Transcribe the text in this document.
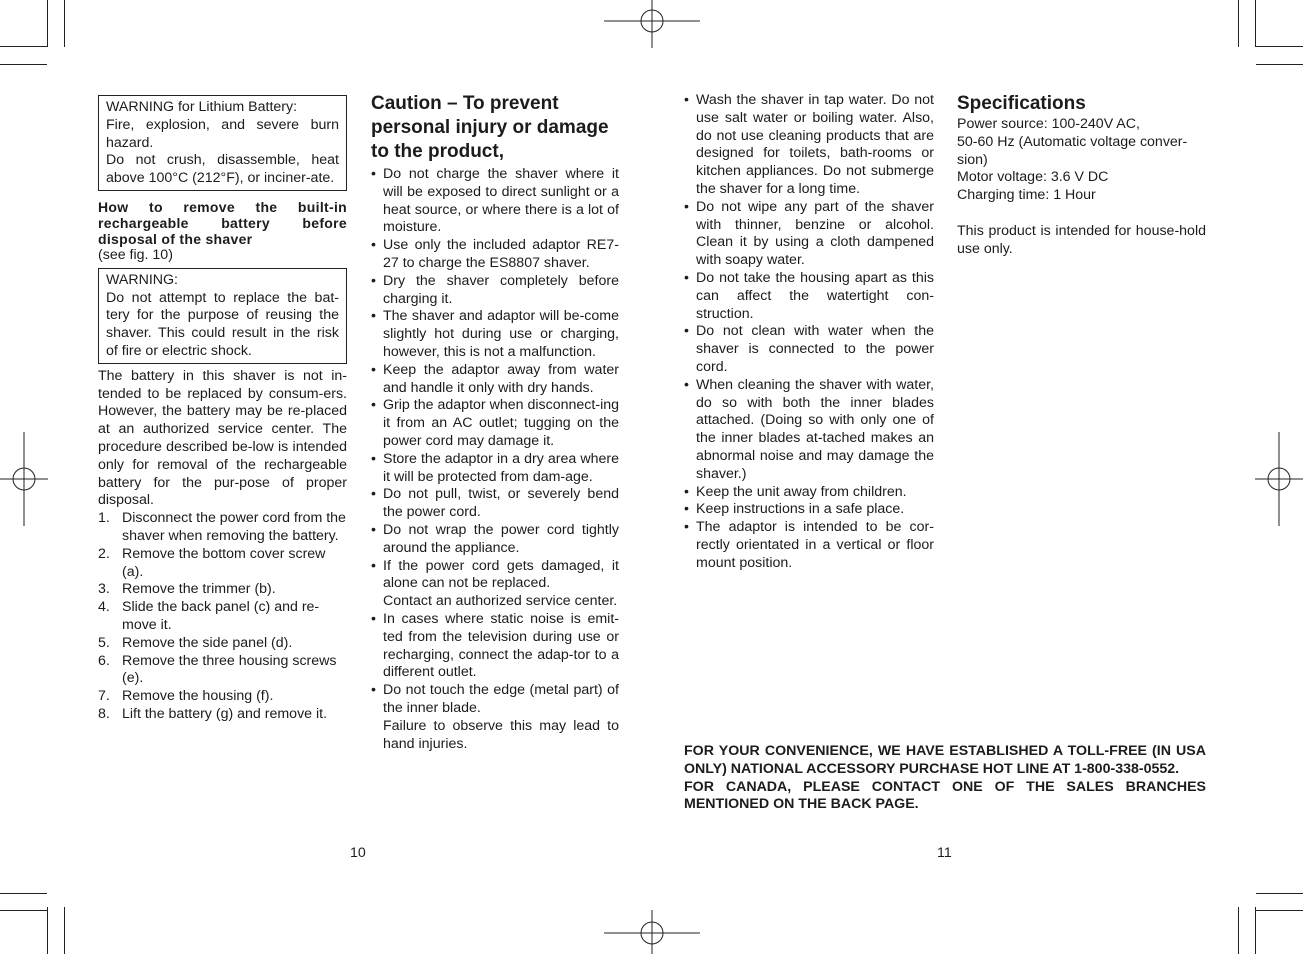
WARNING for Lithium Battery:
Fire, explosion, and severe burn hazard.
Do not crush, disassemble, heat above 100°C (212°F), or inciner-ate.
How to remove the built-in rechargeable battery before disposal of the shaver
(see fig. 10)
WARNING:
Do not attempt to replace the bat-tery for the purpose of reusing the shaver. This could result in the risk of fire or electric shock.
The battery in this shaver is not in-tended to be replaced by consum-ers. However, the battery may be re-placed at an authorized service center. The procedure described be-low is intended only for removal of the rechargeable battery for the pur-pose of proper disposal.
1. Disconnect the power cord from the shaver when removing the battery.
2. Remove the bottom cover screw (a).
3. Remove the trimmer (b).
4. Slide the back panel (c) and re-move it.
5. Remove the side panel (d).
6. Remove the three housing screws (e).
7. Remove the housing (f).
8. Lift the battery (g) and remove it.
Caution – To prevent personal injury or damage to the product,
• Do not charge the shaver where it will be exposed to direct sunlight or a heat source, or where there is a lot of moisture.
• Use only the included adaptor RE7-27 to charge the ES8807 shaver.
• Dry the shaver completely before charging it.
• The shaver and adaptor will be-come slightly hot during use or charging, however, this is not a malfunction.
• Keep the adaptor away from water and handle it only with dry hands.
• Grip the adaptor when disconnect-ing it from an AC outlet; tugging on the power cord may damage it.
• Store the adaptor in a dry area where it will be protected from dam-age.
• Do not pull, twist, or severely bend the power cord.
• Do not wrap the power cord tightly around the appliance.
• If the power cord gets damaged, it alone can not be replaced.
Contact an authorized service center.
• In cases where static noise is emit-ted from the television during use or recharging, connect the adap-tor to a different outlet.
• Do not touch the edge (metal part) of the inner blade.
Failure to observe this may lead to hand injuries.
10
• Wash the shaver in tap water. Do not use salt water or boiling water. Also, do not use cleaning products that are designed for toilets, bath-rooms or kitchen appliances. Do not submerge the shaver for a long time.
• Do not wipe any part of the shaver with thinner, benzine or alcohol. Clean it by using a cloth dampened with soapy water.
• Do not take the housing apart as this can affect the watertight con-struction.
• Do not clean with water when the shaver is connected to the power cord.
• When cleaning the shaver with water, do so with both the inner blades attached. (Doing so with only one of the inner blades at-tached makes an abnormal noise and may damage the shaver.)
• Keep the unit away from children.
• Keep instructions in a safe place.
• The adaptor is intended to be cor-rectly orientated in a vertical or floor mount position.
Specifications
Power source: 100-240V AC,
50-60 Hz (Automatic voltage conver-sion)
Motor voltage: 3.6 V DC
Charging time: 1 Hour
This product is intended for house-hold use only.
FOR YOUR CONVENIENCE, WE HAVE ESTABLISHED A TOLL-FREE (IN USA ONLY) NATIONAL ACCESSORY PURCHASE HOT LINE AT 1-800-338-0552.
FOR CANADA, PLEASE CONTACT ONE OF THE SALES BRANCHES MENTIONED ON THE BACK PAGE.
11
